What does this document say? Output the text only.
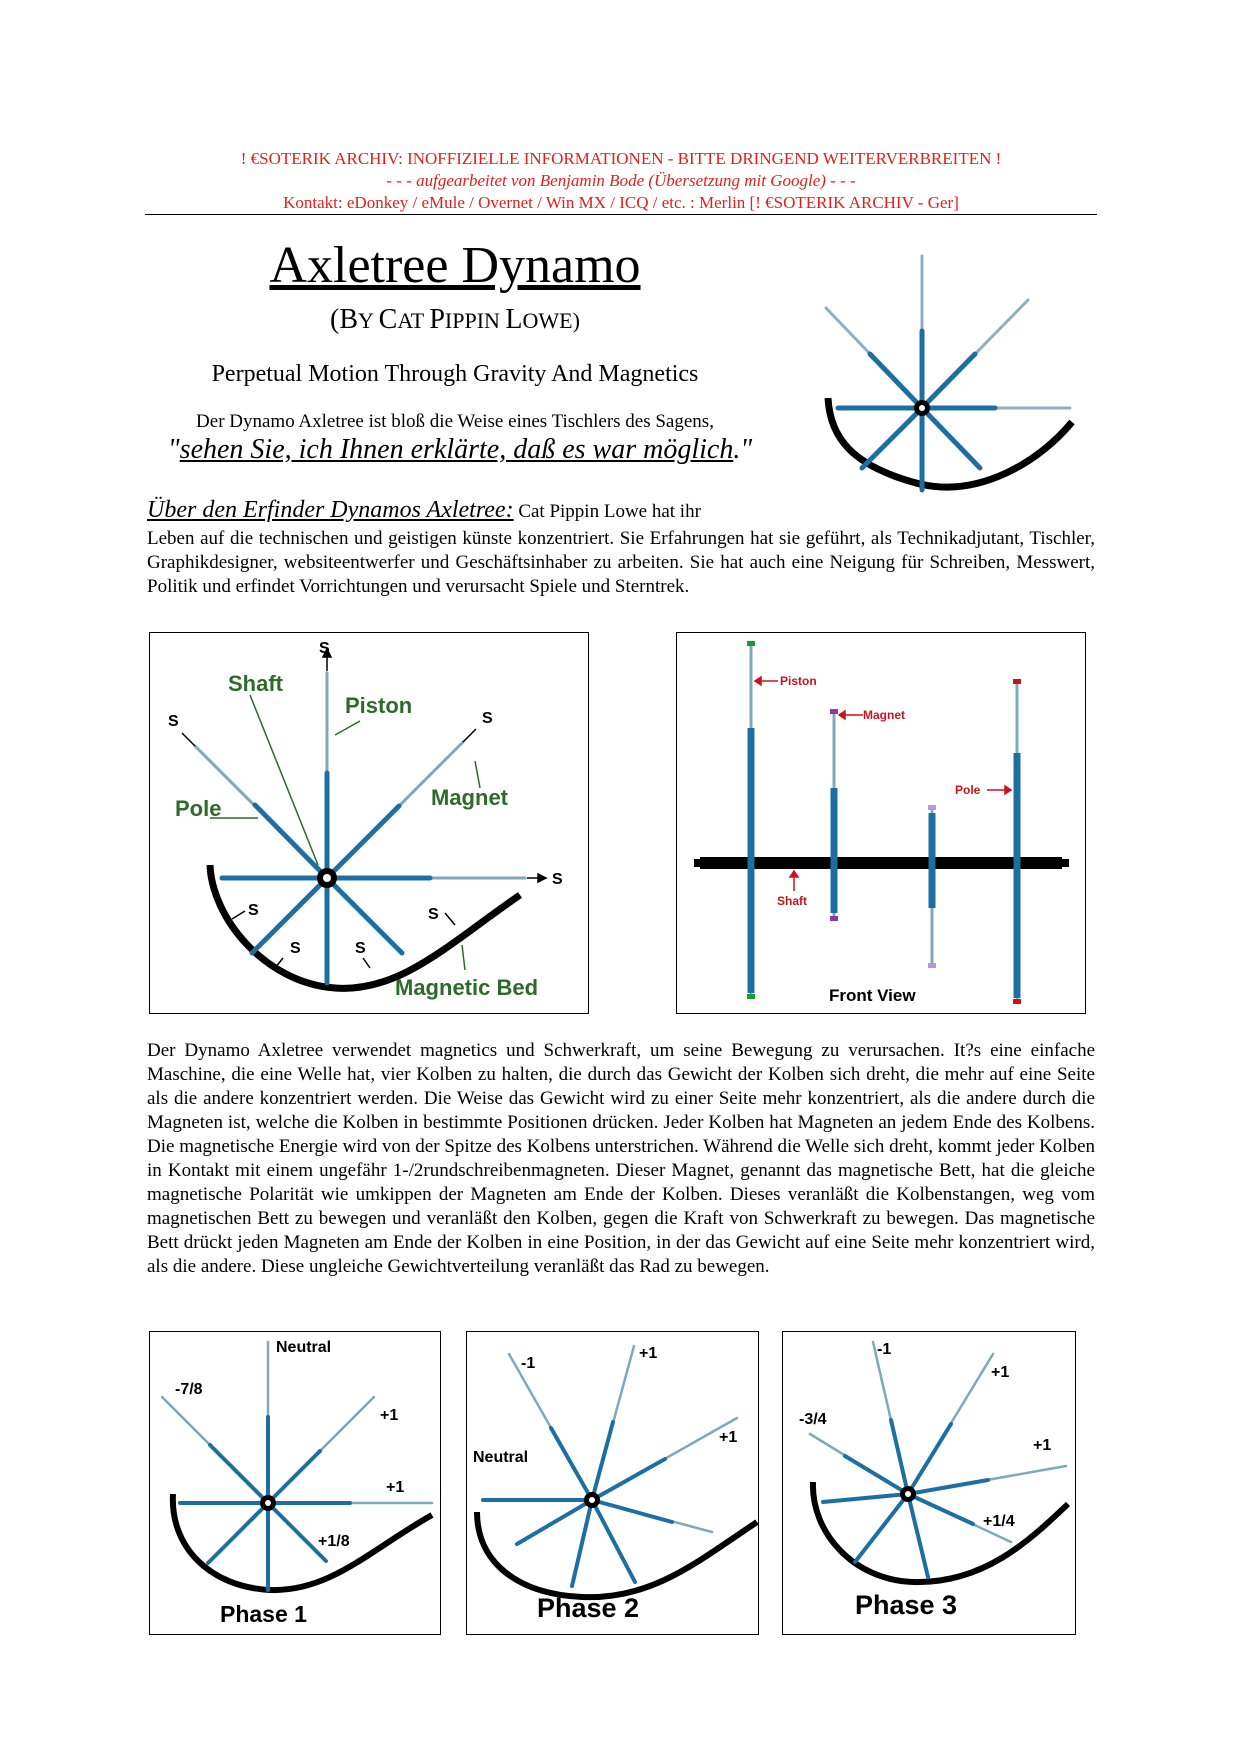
! €SOTERIK ARCHIV: INOFFIZIELLE INFORMATIONEN - BITTE DRINGEND WEITERVERBREITEN !
- - - aufgearbeitet von Benjamin Bode (Übersetzung mit Google) - - -
Kontakt: eDonkey / eMule / Overnet / Win MX / ICQ / etc. : Merlin [! €SOTERIK ARCHIV - Ger]
Axletree Dynamo
(BY CAT PIPPIN LOWE)
Perpetual Motion Through Gravity And Magnetics
Der Dynamo Axletree ist bloß die Weise eines Tischlers des Sagens,
"sehen Sie, ich Ihnen erklärte, daß es war möglich."
Über den Erfinder Dynamos Axletree: Cat Pippin Lowe hat ihr
Leben auf die technischen und geistigen künste konzentriert. Sie Erfahrungen hat sie geführt, als Technikadjutant, Tischler, Graphikdesigner, websiteentwerfer und Geschäftsinhaber zu arbeiten. Sie hat auch eine Neigung für Schreiben, Messwert, Politik und erfindet Vorrichtungen und verursacht Spiele und Sterntrek.
S
S	S
S
S
S	S
S
Shaft
Piston
Pole	Magnet
Magnetic Bed
Piston
Magnet
Pole
Shaft
Front View
Der Dynamo Axletree verwendet magnetics und Schwerkraft, um seine Bewegung zu verursachen. It?s eine einfache Maschine, die eine Welle hat, vier Kolben zu halten, die durch das Gewicht der Kolben sich dreht, die mehr auf eine Seite als die andere konzentriert werden. Die Weise das Gewicht wird zu einer Seite mehr konzentriert, als die andere durch die Magneten ist, welche die Kolben in bestimmte Positionen drücken. Jeder Kolben hat Magneten an jedem Ende des Kolbens. Die magnetische Energie wird von der Spitze des Kolbens unterstrichen. Während die Welle sich dreht, kommt jeder Kolben in Kontakt mit einem ungefähr 1-/2rundschreibenmagneten. Dieser Magnet, genannt das magnetische Bett, hat die gleiche magnetische Polarität wie umkippen der Magneten am Ende der Kolben. Dieses veranläßt die Kolbenstangen, weg vom magnetischen Bett zu bewegen und veranläßt den Kolben, gegen die Kraft von Schwerkraft zu bewegen. Das magnetische Bett drückt jeden Magneten am Ende der Kolben in eine Position, in der das Gewicht auf eine Seite mehr konzentriert wird, als die andere. Diese ungleiche Gewichtverteilung veranläßt das Rad zu bewegen.
Neutral
-7/8
+1
+1
+1/8
Phase 1
-1
+1
+1
Neutral
Phase 2
-1
+1
-3/4
+1
+1/4
Phase 3
